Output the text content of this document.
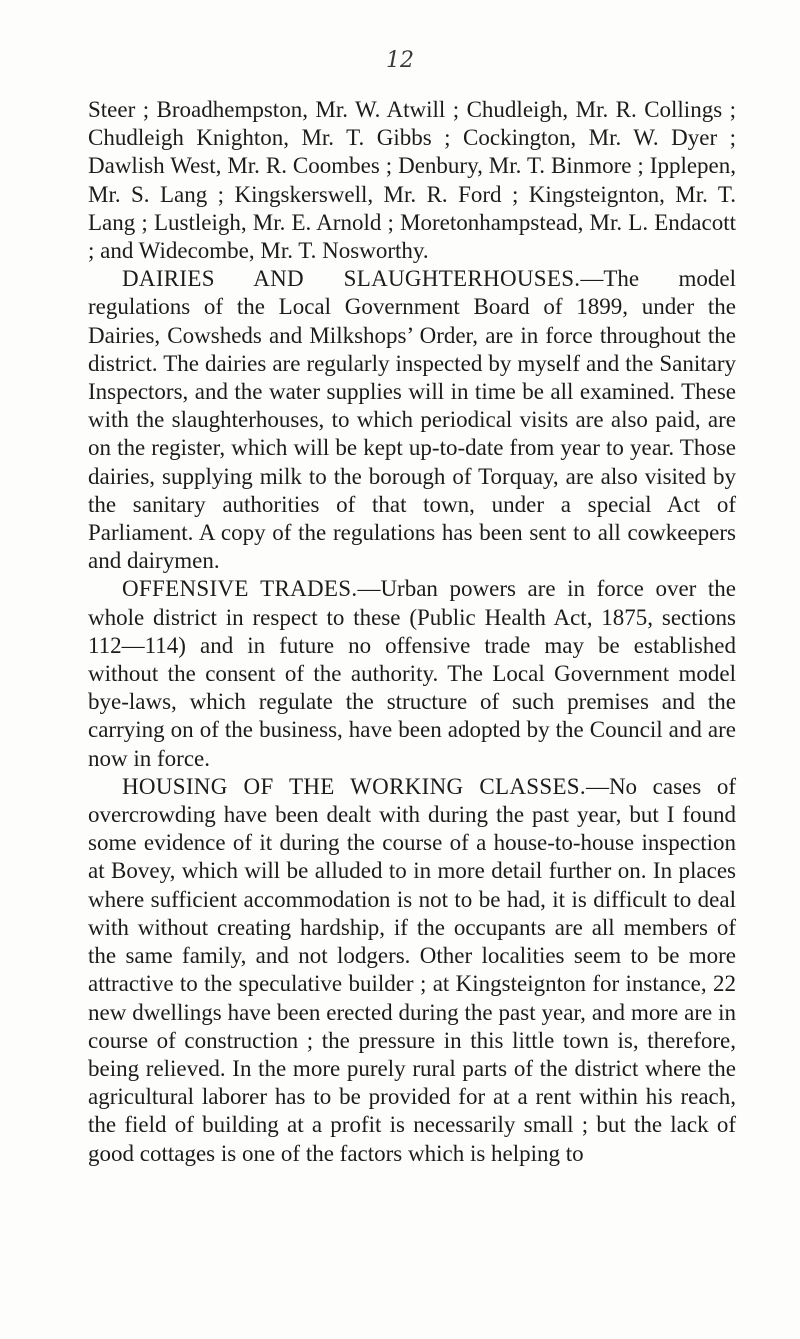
12

Steer ; Broadhempston, Mr. W. Atwill ; Chudleigh, Mr. R. Collings ; Chudleigh Knighton, Mr. T. Gibbs ; Cockington, Mr. W. Dyer ; Dawlish West, Mr. R. Coombes ; Denbury, Mr. T. Binmore ; Ipplepen, Mr. S. Lang ; Kingskerswell, Mr. R. Ford ; Kingsteignton, Mr. T. Lang ; Lustleigh, Mr. E. Arnold ; Moretonhampstead, Mr. L. Endacott ; and Widecombe, Mr. T. Nosworthy.

DAIRIES AND SLAUGHTERHOUSES.—The model regulations of the Local Government Board of 1899, under the Dairies, Cowsheds and Milkshops’ Order, are in force throughout the district. The dairies are regularly inspected by myself and the Sanitary Inspectors, and the water supplies will in time be all examined. These with the slaughterhouses, to which periodical visits are also paid, are on the register, which will be kept up-to-date from year to year. Those dairies, supplying milk to the borough of Torquay, are also visited by the sanitary authorities of that town, under a special Act of Parliament. A copy of the regulations has been sent to all cowkeepers and dairymen.

OFFENSIVE TRADES.—Urban powers are in force over the whole district in respect to these (Public Health Act, 1875, sections 112—114) and in future no offensive trade may be established without the consent of the authority. The Local Government model bye-laws, which regulate the structure of such premises and the carrying on of the business, have been adopted by the Council and are now in force.

HOUSING OF THE WORKING CLASSES.—No cases of overcrowding have been dealt with during the past year, but I found some evidence of it during the course of a house-to-house inspection at Bovey, which will be alluded to in more detail further on. In places where sufficient accommodation is not to be had, it is difficult to deal with without creating hardship, if the occupants are all members of the same family, and not lodgers. Other localities seem to be more attractive to the speculative builder ; at Kingsteignton for instance, 22 new dwellings have been erected during the past year, and more are in course of construction ; the pressure in this little town is, therefore, being relieved. In the more purely rural parts of the district where the agricultural laborer has to be provided for at a rent within his reach, the field of building at a profit is necessarily small ; but the lack of good cottages is one of the factors which is helping to
